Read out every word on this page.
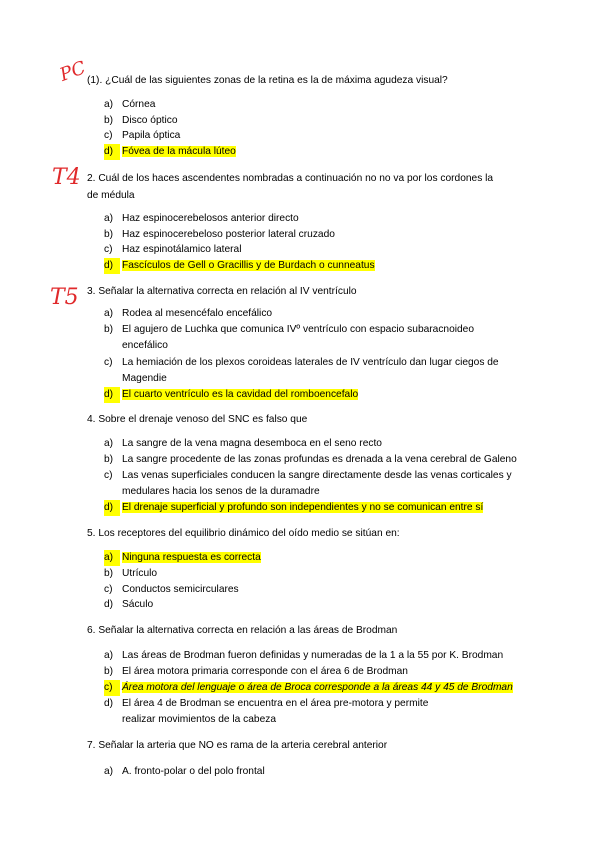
PC
T4
T5
(1). ¿Cuál de las siguientes zonas de la retina es la de máxima agudeza visual?
a) Córnea
b) Disco óptico
c) Papila óptica
d) Fóvea de la mácula lúteo
2. Cuál de los haces ascendentes nombradas a continuación no no va por los cordones la de médula
a) Haz espinocerebelosos anterior directo
b) Haz espinocerebeloso posterior lateral cruzado
c) Haz espinotálamico lateral
d) Fascículos de Gell o Gracillis y de Burdach o cunneatus
3. Señalar la alternativa correcta en relación al IV ventrículo
a) Rodea al mesencéfalo encefálico
b) El agujero de Luchka que comunica IVº ventrículo con espacio subaracnoideo encefálico
c) La hemiación de los plexos coroideas laterales de IV ventrículo dan lugar ciegos de Magendie
d) El cuarto ventrículo es la cavidad del romboencefalo
4. Sobre el drenaje venoso del SNC es falso que
a) La sangre de la vena magna desemboca en el seno recto
b) La sangre procedente de las zonas profundas es drenada a la vena cerebral de Galeno
c) Las venas superficiales conducen la sangre directamente desde las venas corticales y medulares hacia los senos de la duramadre
d) El drenaje superficial y profundo son independientes y no se comunican entre sí
5. Los receptores del equilibrio dinámico del oído medio se sitúan en:
a) Ninguna respuesta es correcta
b) Utrículo
c) Conductos semicirculares
d) Sáculo
6. Señalar la alternativa correcta en relación a las áreas de Brodman
a) Las áreas de Brodman fueron definidas y numeradas de la 1 a la 55 por K. Brodman
b) El área motora primaria corresponde con el área 6 de Brodman
c) Área motora del lenguaje o área de Broca corresponde a la áreas 44 y 45 de Brodman
d) El área 4 de Brodman se encuentra en el área pre-motora y permite realizar movimientos de la cabeza
7. Señalar la arteria que NO es rama de la arteria cerebral anterior
a) A. fronto-polar o del polo frontal
